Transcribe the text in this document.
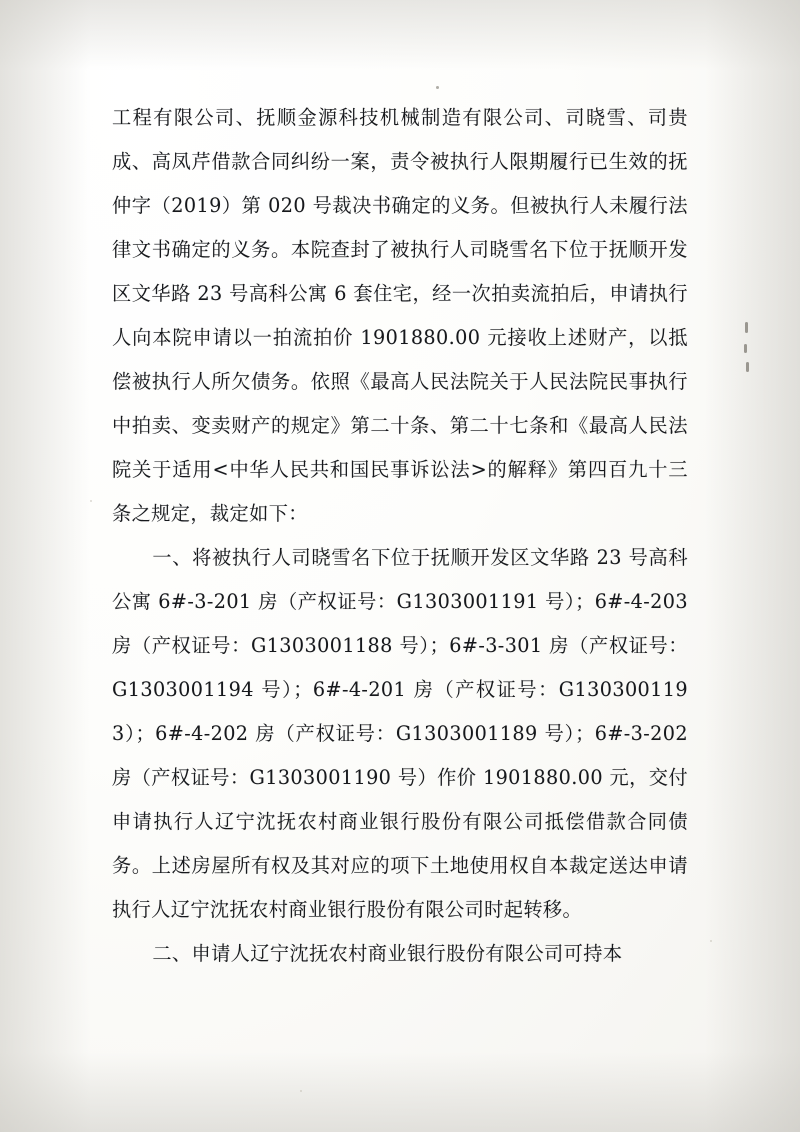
工程有限公司、抚顺金源科技机械制造有限公司、司晓雪、司贵成、高凤芹借款合同纠纷一案，责令被执行人限期履行已生效的抚仲字（2019）第 020 号裁决书确定的义务。但被执行人未履行法律文书确定的义务。本院查封了被执行人司晓雪名下位于抚顺开发区文华路 23 号高科公寓 6 套住宅，经一次拍卖流拍后，申请执行人向本院申请以一拍流拍价 1901880.00 元接收上述财产，以抵偿被执行人所欠债务。依照《最高人民法院关于人民法院民事执行中拍卖、变卖财产的规定》第二十条、第二十七条和《最高人民法院关于适用<中华人民共和国民事诉讼法>的解释》第四百九十三条之规定，裁定如下：

一、将被执行人司晓雪名下位于抚顺开发区文华路 23 号高科公寓 6#-3-201 房（产权证号：G1303001191 号）；6#-4-203 房（产权证号：G1303001188 号）；6#-3-301 房（产权证号：G1303001194 号）；6#-4-201 房（产权证号：G1303001193）；6#-4-202 房（产权证号：G1303001189 号）；6#-3-202 房（产权证号：G1303001190 号）作价 1901880.00 元，交付申请执行人辽宁沈抚农村商业银行股份有限公司抵偿借款合同债务。上述房屋所有权及其对应的项下土地使用权自本裁定送达申请执行人辽宁沈抚农村商业银行股份有限公司时起转移。

二、申请人辽宁沈抚农村商业银行股份有限公司可持本
